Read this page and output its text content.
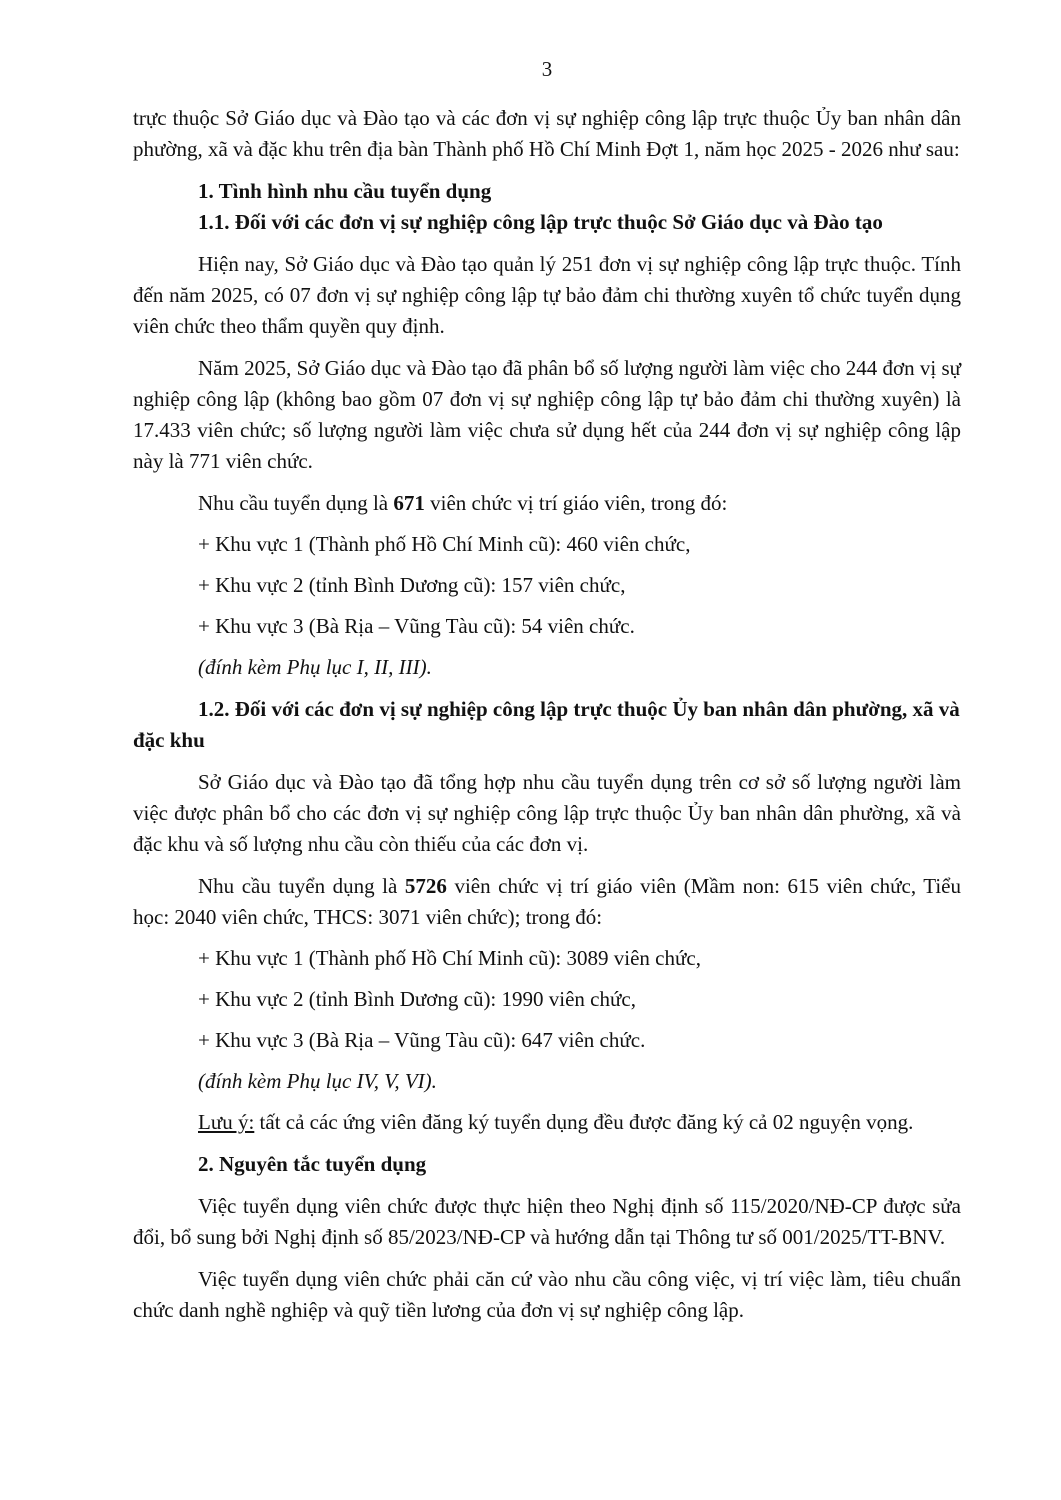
3

trực thuộc Sở Giáo dục và Đào tạo và các đơn vị sự nghiệp công lập trực thuộc Ủy ban nhân dân phường, xã và đặc khu trên địa bàn Thành phố Hồ Chí Minh Đợt 1, năm học 2025 - 2026 như sau:

1. Tình hình nhu cầu tuyển dụng
1.1. Đối với các đơn vị sự nghiệp công lập trực thuộc Sở Giáo dục và Đào tạo

Hiện nay, Sở Giáo dục và Đào tạo quản lý 251 đơn vị sự nghiệp công lập trực thuộc. Tính đến năm 2025, có 07 đơn vị sự nghiệp công lập tự bảo đảm chi thường xuyên tổ chức tuyển dụng viên chức theo thẩm quyền quy định.

Năm 2025, Sở Giáo dục và Đào tạo đã phân bổ số lượng người làm việc cho 244 đơn vị sự nghiệp công lập (không bao gồm 07 đơn vị sự nghiệp công lập tự bảo đảm chi thường xuyên) là 17.433 viên chức; số lượng người làm việc chưa sử dụng hết của 244 đơn vị sự nghiệp công lập này là 771 viên chức.

Nhu cầu tuyển dụng là 671 viên chức vị trí giáo viên, trong đó:

+ Khu vực 1 (Thành phố Hồ Chí Minh cũ): 460 viên chức,

+ Khu vực 2 (tỉnh Bình Dương cũ): 157 viên chức,

+ Khu vực 3 (Bà Rịa – Vũng Tàu cũ): 54 viên chức.

(đính kèm Phụ lục I, II, III).

1.2. Đối với các đơn vị sự nghiệp công lập trực thuộc Ủy ban nhân dân phường, xã và đặc khu

Sở Giáo dục và Đào tạo đã tổng hợp nhu cầu tuyển dụng trên cơ sở số lượng người làm việc được phân bổ cho các đơn vị sự nghiệp công lập trực thuộc Ủy ban nhân dân phường, xã và đặc khu và số lượng nhu cầu còn thiếu của các đơn vị.

Nhu cầu tuyển dụng là 5726 viên chức vị trí giáo viên (Mầm non: 615 viên chức, Tiểu học: 2040 viên chức, THCS: 3071 viên chức); trong đó:

+ Khu vực 1 (Thành phố Hồ Chí Minh cũ): 3089 viên chức,

+ Khu vực 2 (tỉnh Bình Dương cũ): 1990 viên chức,

+ Khu vực 3 (Bà Rịa – Vũng Tàu cũ): 647 viên chức.

(đính kèm Phụ lục IV, V, VI).

Lưu ý: tất cả các ứng viên đăng ký tuyển dụng đều được đăng ký cả 02 nguyện vọng.

2. Nguyên tắc tuyển dụng

Việc tuyển dụng viên chức được thực hiện theo Nghị định số 115/2020/NĐ-CP được sửa đổi, bổ sung bởi Nghị định số 85/2023/NĐ-CP và hướng dẫn tại Thông tư số 001/2025/TT-BNV.

Việc tuyển dụng viên chức phải căn cứ vào nhu cầu công việc, vị trí việc làm, tiêu chuẩn chức danh nghề nghiệp và quỹ tiền lương của đơn vị sự nghiệp công lập.
